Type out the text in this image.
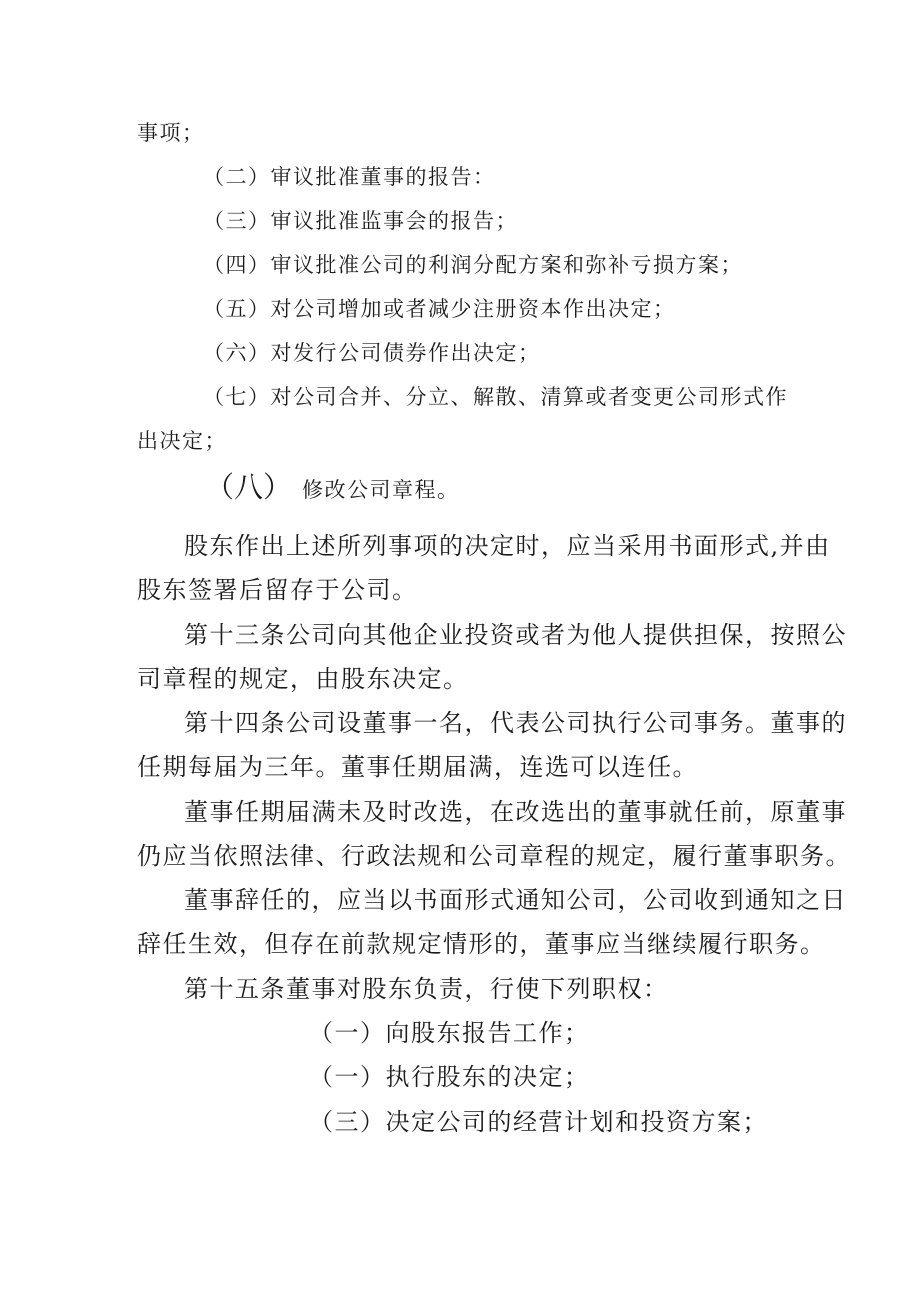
事项；
（二）审议批准董事的报告：
（三）审议批准监事会的报告；
（四）审议批准公司的利润分配方案和弥补亏损方案；
（五）对公司增加或者减少注册资本作出决定；
（六）对发行公司债券作出决定；
（七）对公司合并、分立、解散、清算或者变更公司形式作
出决定；
（八） 修改公司章程。
股东作出上述所列事项的决定时，应当采用书面形式,并由
股东签署后留存于公司。
第十三条公司向其他企业投资或者为他人提供担保，按照公
司章程的规定，由股东决定。
第十四条公司设董事一名，代表公司执行公司事务。董事的
任期每届为三年。董事任期届满，连选可以连任。
董事任期届满未及时改选，在改选出的董事就任前，原董事
仍应当依照法律、行政法规和公司章程的规定，履行董事职务。
董事辞任的，应当以书面形式通知公司，公司收到通知之日
辞任生效，但存在前款规定情形的，董事应当继续履行职务。
第十五条董事对股东负责，行使下列职权：
（一）向股东报告工作；
（一）执行股东的决定；
（三）决定公司的经营计划和投资方案；
